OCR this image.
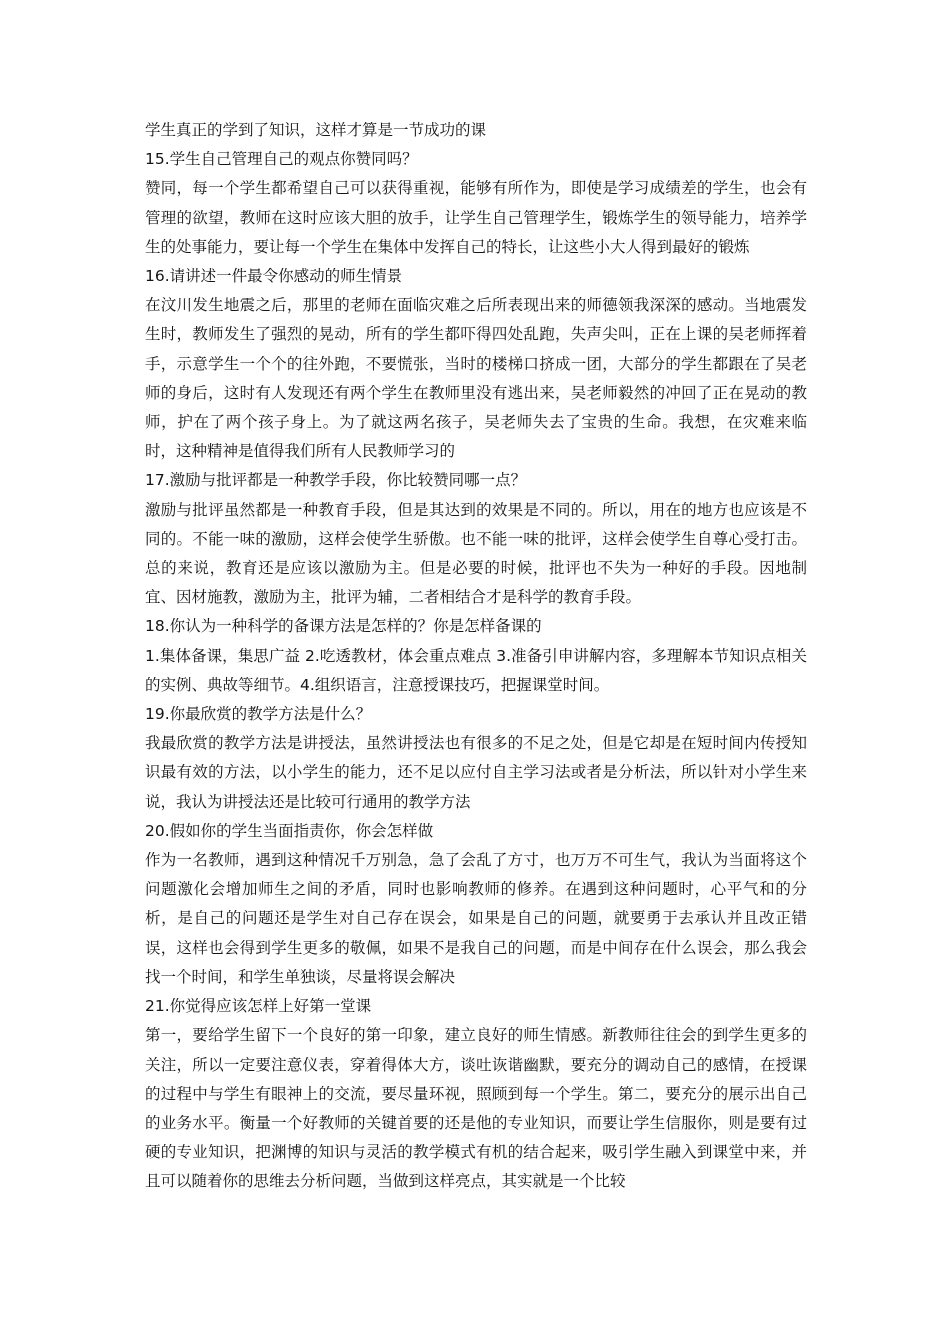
学生真正的学到了知识，这样才算是一节成功的课

15.学生自己管理自己的观点你赞同吗？

赞同，每一个学生都希望自己可以获得重视，能够有所作为，即使是学习成绩差的学生，也会有管理的欲望，教师在这时应该大胆的放手，让学生自己管理学生，锻炼学生的领导能力，培养学生的处事能力，要让每一个学生在集体中发挥自己的特长，让这些小大人得到最好的锻炼

16.请讲述一件最令你感动的师生情景

在汶川发生地震之后，那里的老师在面临灾难之后所表现出来的师德领我深深的感动。当地震发生时，教师发生了强烈的晃动，所有的学生都吓得四处乱跑，失声尖叫，正在上课的吴老师挥着手，示意学生一个个的往外跑，不要慌张，当时的楼梯口挤成一团，大部分的学生都跟在了吴老师的身后，这时有人发现还有两个学生在教师里没有逃出来，吴老师毅然的冲回了正在晃动的教师，护在了两个孩子身上。为了就这两名孩子，吴老师失去了宝贵的生命。我想，在灾难来临时，这种精神是值得我们所有人民教师学习的

17.激励与批评都是一种教学手段，你比较赞同哪一点？

激励与批评虽然都是一种教育手段，但是其达到的效果是不同的。所以，用在的地方也应该是不同的。不能一味的激励，这样会使学生骄傲。也不能一味的批评，这样会使学生自尊心受打击。总的来说，教育还是应该以激励为主。但是必要的时候，批评也不失为一种好的手段。因地制宜、因材施教，激励为主，批评为辅，二者相结合才是科学的教育手段。

18.你认为一种科学的备课方法是怎样的？你是怎样备课的

1.集体备课，集思广益 2.吃透教材，体会重点难点 3.准备引申讲解内容，多理解本节知识点相关的实例、典故等细节。4.组织语言，注意授课技巧，把握课堂时间。

19.你最欣赏的教学方法是什么？

我最欣赏的教学方法是讲授法，虽然讲授法也有很多的不足之处，但是它却是在短时间内传授知识最有效的方法，以小学生的能力，还不足以应付自主学习法或者是分析法，所以针对小学生来说，我认为讲授法还是比较可行通用的教学方法

20.假如你的学生当面指责你，你会怎样做

作为一名教师，遇到这种情况千万别急，急了会乱了方寸，也万万不可生气，我认为当面将这个问题激化会增加师生之间的矛盾，同时也影响教师的修养。在遇到这种问题时，心平气和的分析，是自己的问题还是学生对自己存在误会，如果是自己的问题，就要勇于去承认并且改正错误，这样也会得到学生更多的敬佩，如果不是我自己的问题，而是中间存在什么误会，那么我会找一个时间，和学生单独谈，尽量将误会解决

21.你觉得应该怎样上好第一堂课

第一，要给学生留下一个良好的第一印象，建立良好的师生情感。新教师往往会的到学生更多的关注，所以一定要注意仪表，穿着得体大方，谈吐诙谐幽默，要充分的调动自己的感情，在授课的过程中与学生有眼神上的交流，要尽量环视，照顾到每一个学生。第二，要充分的展示出自己的业务水平。衡量一个好教师的关键首要的还是他的专业知识，而要让学生信服你，则是要有过硬的专业知识，把渊博的知识与灵活的教学模式有机的结合起来，吸引学生融入到课堂中来，并且可以随着你的思维去分析问题，当做到这样亮点，其实就是一个比较
